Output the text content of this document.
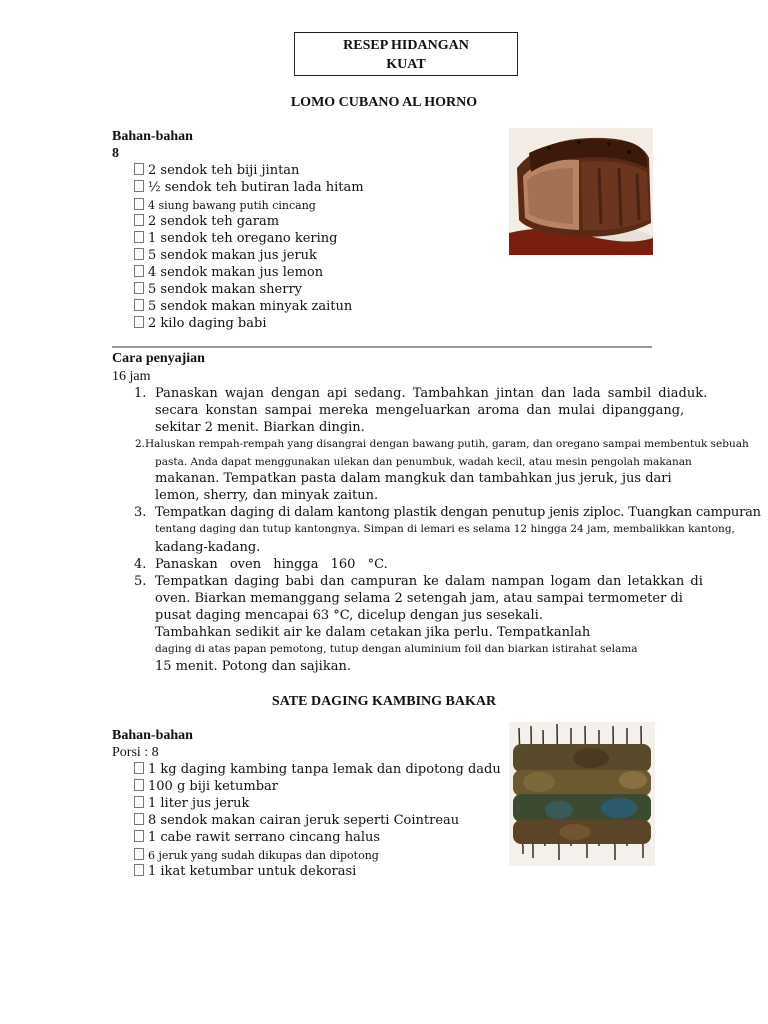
RESEP HIDANGAN
KUAT
LOMO CUBANO AL HORNO
Bahan-bahan
8
2 sendok teh biji jintan
½ sendok teh butiran lada hitam
4 siung bawang putih cincang
2 sendok teh garam
1 sendok teh oregano kering
5 sendok makan jus jeruk
4 sendok makan jus lemon
5 sendok makan sherry
5 sendok makan minyak zaitun
2 kilo daging babi
Cara penyajian
16 jam
1. Panaskan wajan dengan api sedang. Tambahkan jintan dan lada sambil diaduk.
secara konstan sampai mereka mengeluarkan aroma dan mulai dipanggang,
sekitar 2 menit. Biarkan dingin.
2.Haluskan rempah-rempah yang disangrai dengan bawang putih, garam, dan oregano sampai membentuk sebuah
pasta. Anda dapat menggunakan ulekan dan penumbuk, wadah kecil, atau mesin pengolah makanan
makanan. Tempatkan pasta dalam mangkuk dan tambahkan jus jeruk, jus dari
lemon, sherry, dan minyak zaitun.
3. Tempatkan daging di dalam kantong plastik dengan penutup jenis ziploc. Tuangkan campuran
tentang daging dan tutup kantongnya. Simpan di lemari es selama 12 hingga 24 jam, membalikkan kantong,
kadang-kadang.
4. Panaskan oven hingga 160 °C.
5. Tempatkan daging babi dan campuran ke dalam nampan logam dan letakkan di
oven. Biarkan memanggang selama 2 setengah jam, atau sampai termometer di
pusat daging mencapai 63 °C, dicelup dengan jus sesekali.
Tambahkan sedikit air ke dalam cetakan jika perlu. Tempatkanlah
daging di atas papan pemotong, tutup dengan aluminium foil dan biarkan istirahat selama
15 menit. Potong dan sajikan.
SATE DAGING KAMBING BAKAR
Bahan-bahan
Porsi : 8
1 kg daging kambing tanpa lemak dan dipotong dadu
100 g biji ketumbar
1 liter jus jeruk
8 sendok makan cairan jeruk seperti Cointreau
1 cabe rawit serrano cincang halus
6 jeruk yang sudah dikupas dan dipotong
1 ikat ketumbar untuk dekorasi
